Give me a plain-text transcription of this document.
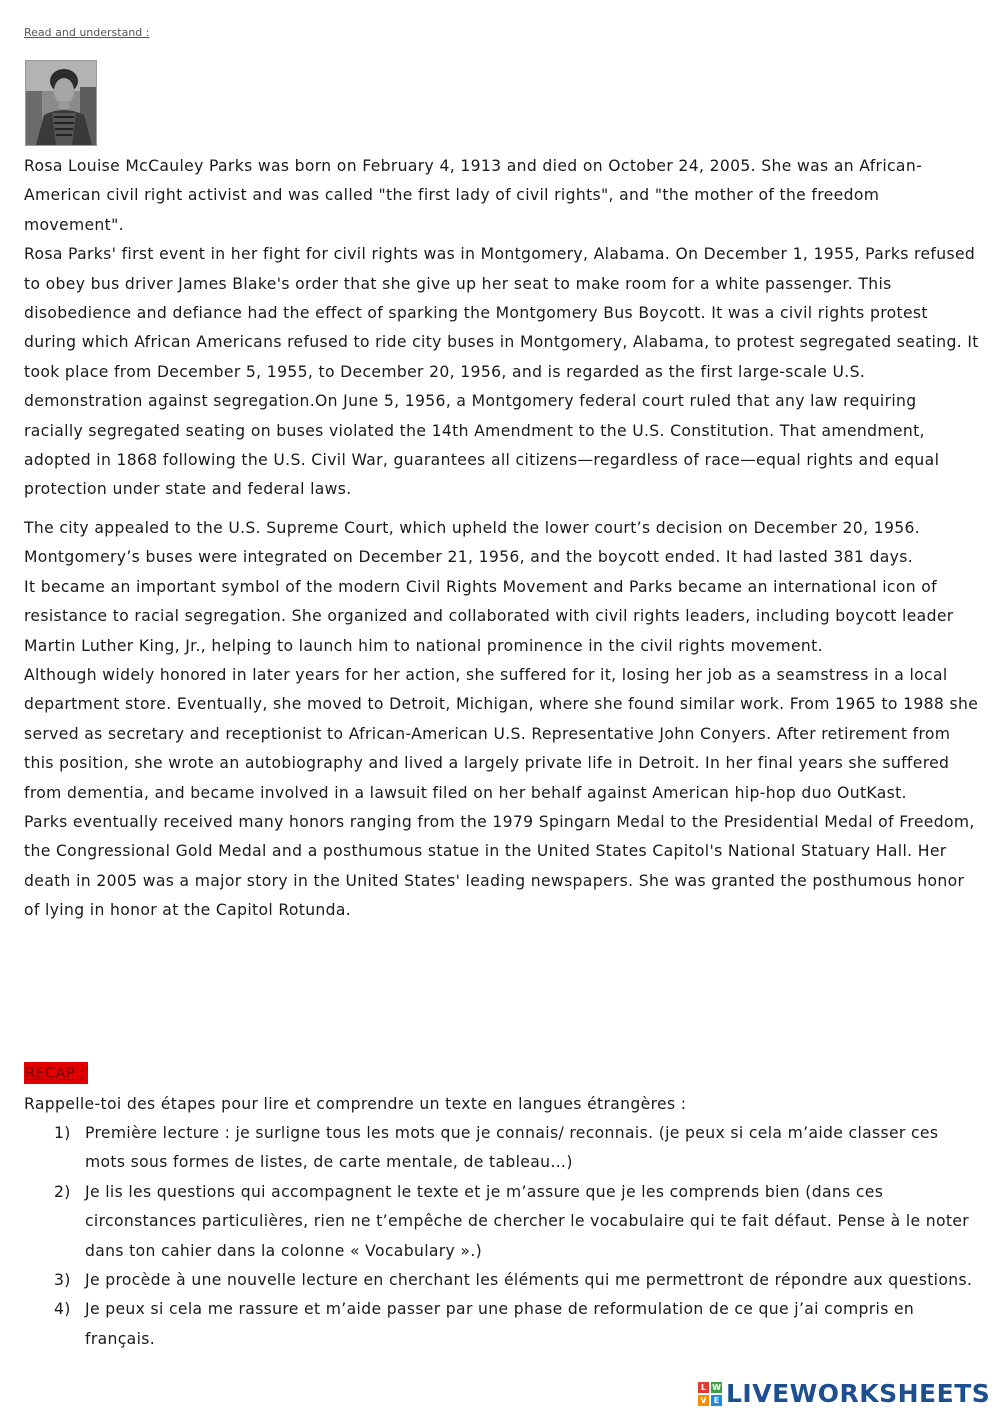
Read and understand :

Rosa Louise McCauley Parks was born on February 4, 1913 and died on October 24, 2005. She was an African-American civil right activist and was called "the first lady of civil rights", and "the mother of the freedom movement".

Rosa Parks' first event in her fight for civil rights was in Montgomery, Alabama. On December 1, 1955, Parks refused to obey bus driver James Blake's order that she give up her seat to make room for a white passenger. This disobedience and defiance had the effect of sparking the Montgomery Bus Boycott. It was a civil rights protest during which African Americans refused to ride city buses in Montgomery, Alabama, to protest segregated seating. It took place from December 5, 1955, to December 20, 1956, and is regarded as the first large-scale U.S. demonstration against segregation.On June 5, 1956, a Montgomery federal court ruled that any law requiring racially segregated seating on buses violated the 14th Amendment to the U.S. Constitution. That amendment, adopted in 1868 following the U.S. Civil War, guarantees all citizens—regardless of race—equal rights and equal protection under state and federal laws.

The city appealed to the U.S. Supreme Court, which upheld the lower court’s decision on December 20, 1956. Montgomery’s buses were integrated on December 21, 1956, and the boycott ended. It had lasted 381 days.

It became an important symbol of the modern Civil Rights Movement and Parks became an international icon of resistance to racial segregation. She organized and collaborated with civil rights leaders, including boycott leader Martin Luther King, Jr., helping to launch him to national prominence in the civil rights movement.

Although widely honored in later years for her action, she suffered for it, losing her job as a seamstress in a local department store. Eventually, she moved to Detroit, Michigan, where she found similar work. From 1965 to 1988 she served as secretary and receptionist to African-American U.S. Representative John Conyers. After retirement from this position, she wrote an autobiography and lived a largely private life in Detroit. In her final years she suffered from dementia, and became involved in a lawsuit filed on her behalf against American hip-hop duo OutKast.

Parks eventually received many honors ranging from the 1979 Spingarn Medal to the Presidential Medal of Freedom, the Congressional Gold Medal and a posthumous statue in the United States Capitol's National Statuary Hall. Her death in 2005 was a major story in the United States' leading newspapers. She was granted the posthumous honor of lying in honor at the Capitol Rotunda.

RECAP :

Rappelle-toi des étapes pour lire et comprendre un texte en langues étrangères :

1) Première lecture : je surligne tous les mots que je connais/ reconnais. (je peux si cela m’aide classer ces mots sous formes de listes, de carte mentale, de tableau…)
2) Je lis les questions qui accompagnent le texte et je m’assure que je les comprends bien (dans ces circonstances particulières, rien ne t’empêche de chercher le vocabulaire qui te fait défaut. Pense à le noter dans ton cahier dans la colonne « Vocabulary ».)
3) Je procède à une nouvelle lecture en cherchant les éléments qui me permettront de répondre aux questions.
4) Je peux si cela me rassure et m’aide passer par une phase de reformulation de ce que j’ai compris en français.
L W
V E LIVEWORKSHEETS
